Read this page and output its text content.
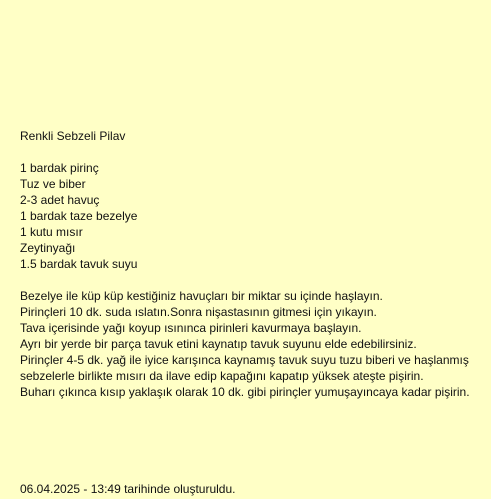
Renkli Sebzeli Pilav
1 bardak pirinç
Tuz ve biber
2-3 adet havuç
1 bardak taze bezelye
1 kutu mısır
Zeytinyağı
1.5 bardak tavuk suyu

Bezelye ile küp küp kestiğiniz havuçları bir miktar su içinde haşlayın.

Pirinçleri 10 dk. suda ıslatın.Sonra nişastasının gitmesi için yıkayın.

Tava içerisinde yağı koyup ısınınca pirinleri kavurmaya başlayın.

Ayrı bir yerde bir parça tavuk etini kaynatıp tavuk suyunu elde edebilirsiniz.

Pirinçler 4-5 dk. yağ ile iyice karışınca kaynamış tavuk suyu tuzu biberi ve haşlanmış sebzelerle birlikte mısırı da ilave edip kapağını kapatıp yüksek ateşte pişirin.

Buharı çıkınca kısıp yaklaşık olarak 10 dk. gibi pirinçler yumuşayıncaya kadar pişirin.

06.04.2025 - 13:49 tarihinde oluşturuldu.
